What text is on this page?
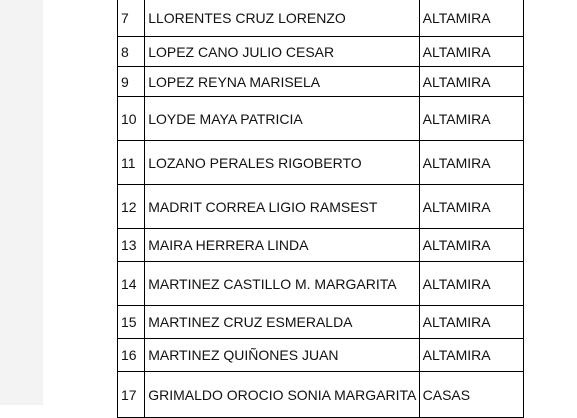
7	LLORENTES CRUZ LORENZO	ALTAMIRA
8	LOPEZ CANO JULIO CESAR	ALTAMIRA
9	LOPEZ REYNA MARISELA	ALTAMIRA
10	LOYDE MAYA PATRICIA	ALTAMIRA
11	LOZANO PERALES RIGOBERTO	ALTAMIRA
12	MADRIT CORREA LIGIO RAMSEST	ALTAMIRA
13	MAIRA HERRERA LINDA	ALTAMIRA
14	MARTINEZ CASTILLO M. MARGARITA	ALTAMIRA
15	MARTINEZ CRUZ ESMERALDA	ALTAMIRA
16	MARTINEZ QUIÑONES JUAN	ALTAMIRA
17	GRIMALDO OROCIO SONIA MARGARITA	CASAS
